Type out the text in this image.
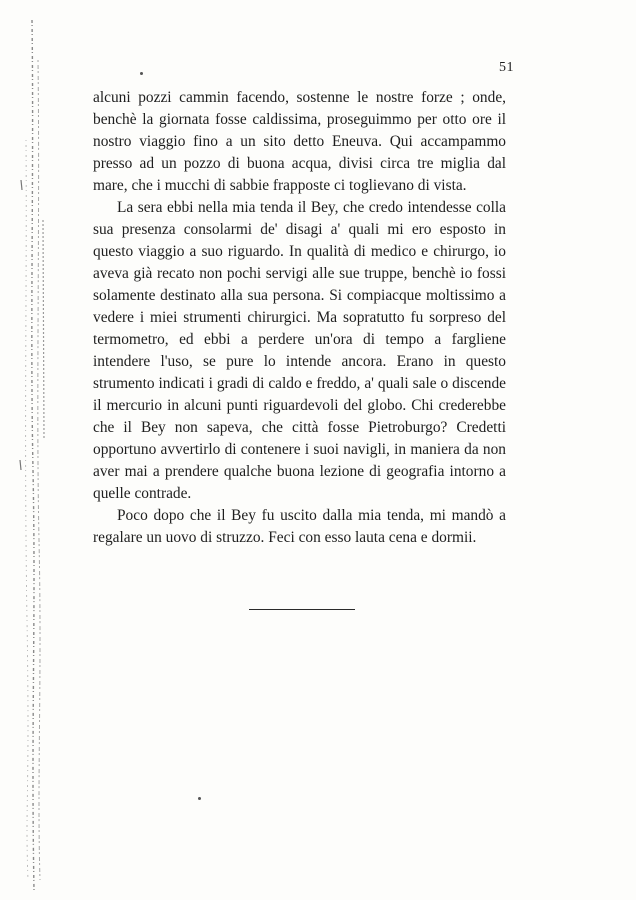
51

alcuni pozzi cammin facendo, sostenne le nostre forze ; onde, benchè la giornata fosse caldissima, proseguimmo per otto ore il nostro viaggio fino a un sito detto Eneuva. Qui accampammo presso ad un pozzo di buona acqua, divisi circa tre miglia dal mare, che i mucchi di sabbie frapposte ci toglievano di vista.

La sera ebbi nella mia tenda il Bey, che credo intendesse colla sua presenza consolarmi de' disagi a' quali mi ero esposto in questo viaggio a suo riguardo. In qualità di medico e chirurgo, io aveva già recato non pochi servigi alle sue truppe, benchè io fossi solamente destinato alla sua persona. Si compiacque moltissimo a vedere i miei strumenti chirurgici. Ma sopratutto fu sorpreso del termometro, ed ebbi a perdere un'ora di tempo a fargliene intendere l'uso, se pure lo intende ancora. Erano in questo strumento indicati i gradi di caldo e freddo, a' quali sale o discende il mercurio in alcuni punti riguardevoli del globo. Chi crederebbe che il Bey non sapeva, che città fosse Pietroburgo? Credetti opportuno avvertirlo di contenere i suoi navigli, in maniera da non aver mai a prendere qualche buona lezione di geografia intorno a quelle contrade.

Poco dopo che il Bey fu uscito dalla mia tenda, mi mandò a regalare un uovo di struzzo. Feci con esso lauta cena e dormii.
